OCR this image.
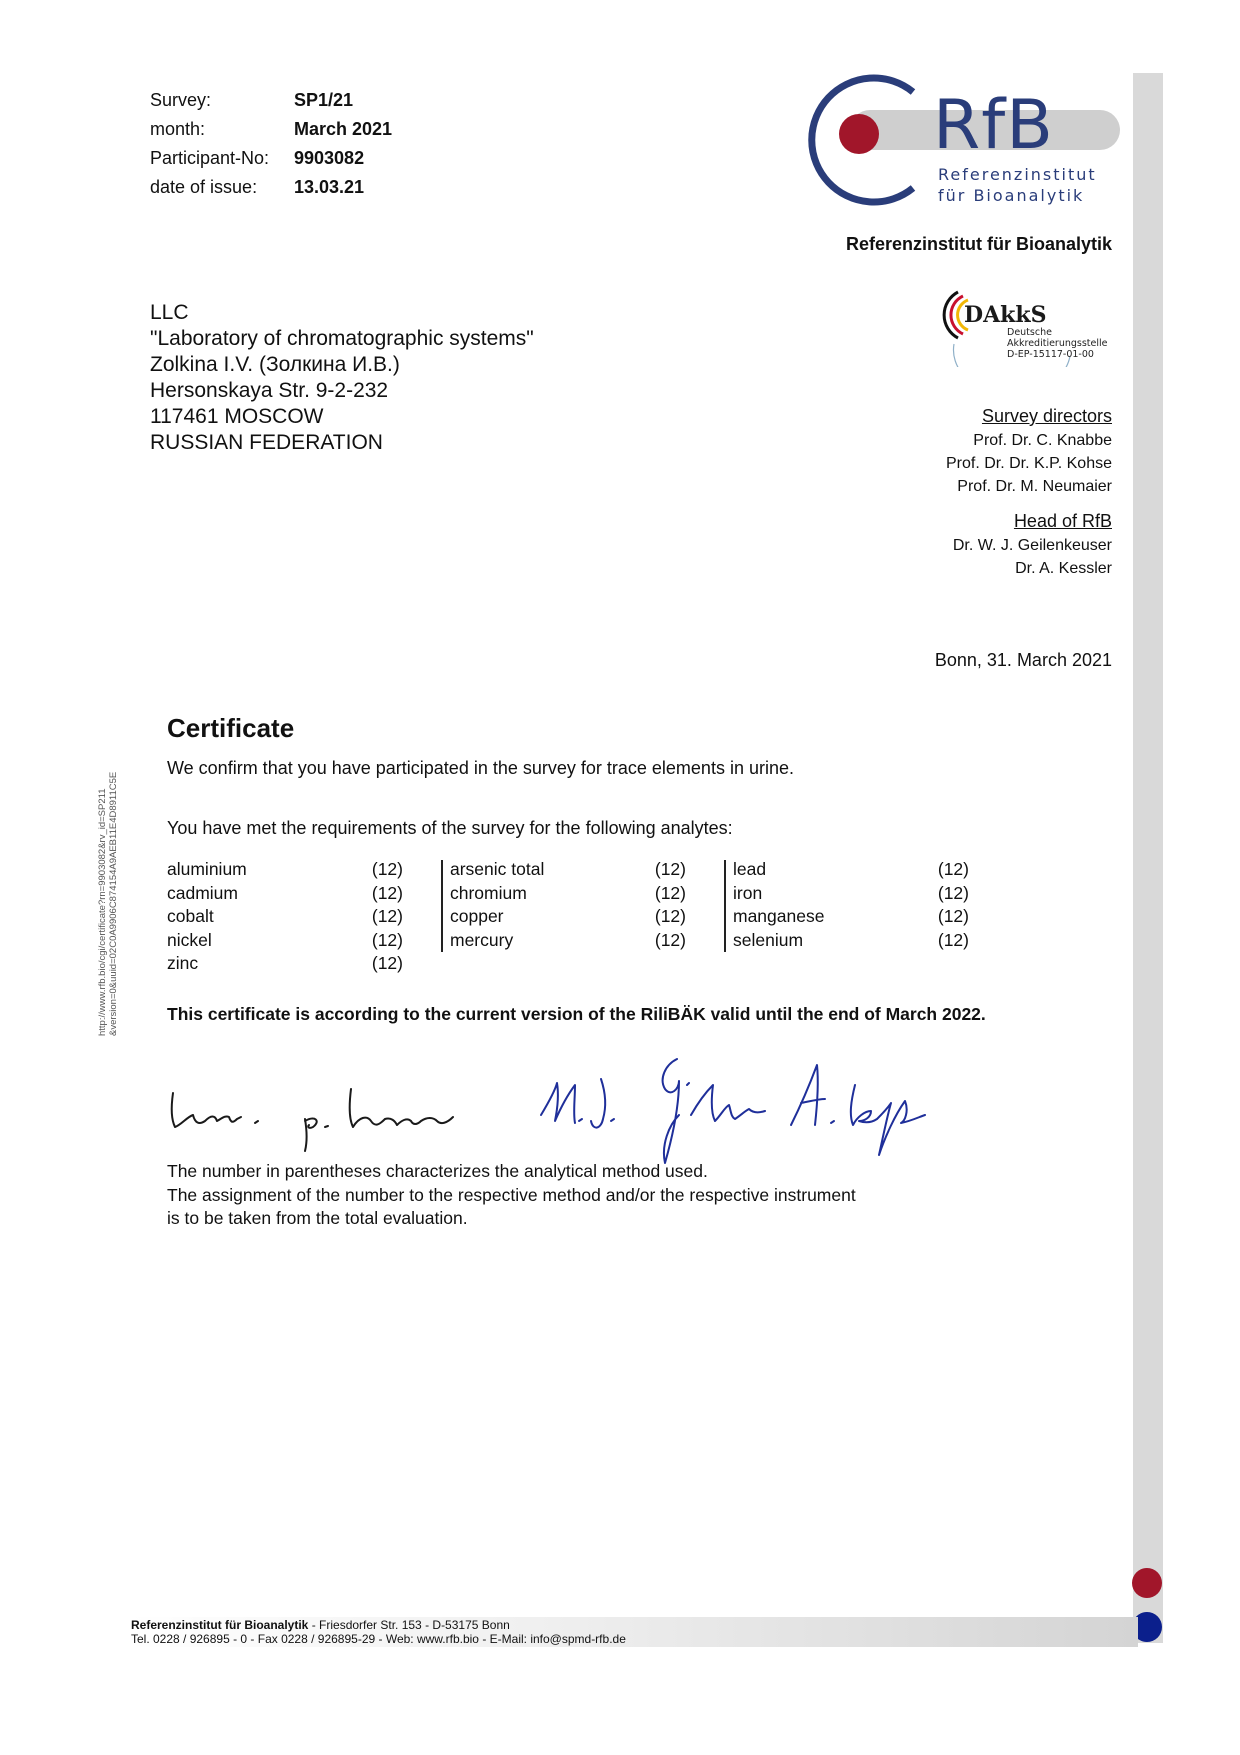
Survey:	SP1/21
month:	March 2021
Participant-No:	9903082
date of issue:	13.03.21
RfB
Referenzinstitut
für Bioanalytik
Referenzinstitut für Bioanalytik
LLC
"Laboratory of chromatographic systems"
Zolkina I.V. (Золкина И.В.)
Hersonskaya Str. 9-2-232
117461 MOSCOW
RUSSIAN FEDERATION
DAkkS
Deutsche
Akkreditierungsstelle
D-EP-15117-01-00
Survey directors
Prof. Dr. C. Knabbe
Prof. Dr. Dr. K.P. Kohse
Prof. Dr. M. Neumaier
Head of RfB
Dr. W. J. Geilenkeuser
Dr. A. Kessler
Bonn, 31. March 2021
Certificate
We confirm that you have participated in the survey for trace elements in urine.
You have met the requirements of the survey for the following analytes:
aluminium	(12)
cadmium	(12)
cobalt	(12)
nickel	(12)
zinc	(12)
arsenic total	(12)
chromium	(12)
copper	(12)
mercury	(12)
lead	(12)
iron	(12)
manganese	(12)
selenium	(12)
This certificate is according to the current version of the RiliBÄK valid until the end of March 2022.
The number in parentheses characterizes the analytical method used.
The assignment of the number to the respective method and/or the respective instrument
is to be taken from the total evaluation.
http://www.rfb.bio/cgi/certificate?rn=9903082&rv_id=SP211 &version=0&uuid=02C0A9906C874154A9AEB11E4D8911C5E
Referenzinstitut für Bioanalytik - Friesdorfer Str. 153 - D-53175 Bonn
Tel. 0228 / 926895 - 0 - Fax 0228 / 926895-29 - Web: www.rfb.bio - E-Mail: info@spmd-rfb.de
